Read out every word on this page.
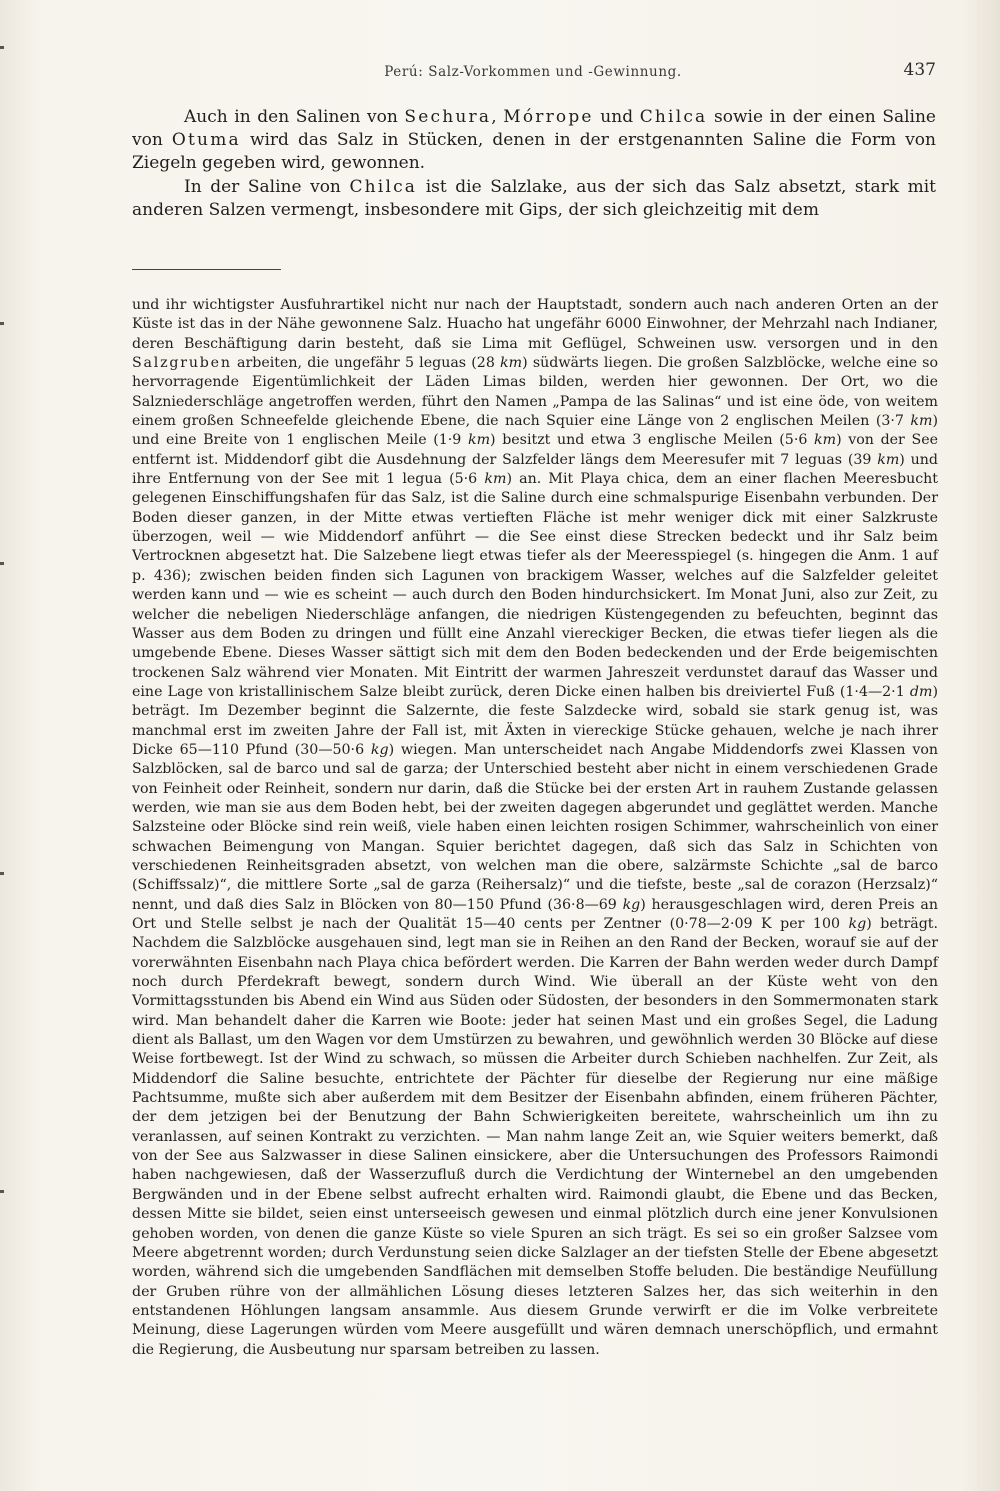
Perú: Salz-Vorkommen und -Gewinnung.	437

Auch in den Salinen von Sechura, Mórrope und Chilca sowie in der einen Saline von Otuma wird das Salz in Stücken, denen in der erstgenannten Saline die Form von Ziegeln gegeben wird, gewonnen.

In der Saline von Chilca ist die Salzlake, aus der sich das Salz absetzt, stark mit anderen Salzen vermengt, insbesondere mit Gips, der sich gleichzeitig mit dem

und ihr wichtigster Ausfuhrartikel nicht nur nach der Hauptstadt, sondern auch nach anderen Orten an der Küste ist das in der Nähe gewonnene Salz. Huacho hat ungefähr 6000 Einwohner, der Mehrzahl nach Indianer, deren Beschäftigung darin besteht, daß sie Lima mit Geflügel, Schweinen usw. versorgen und in den Salzgruben arbeiten, die ungefähr 5 leguas (28 km) südwärts liegen. Die großen Salzblöcke, welche eine so hervorragende Eigentümlichkeit der Läden Limas bilden, werden hier gewonnen. Der Ort, wo die Salzniederschläge angetroffen werden, führt den Namen „Pampa de las Salinas“ und ist eine öde, von weitem einem großen Schneefelde gleichende Ebene, die nach Squier eine Länge von 2 englischen Meilen (3·7 km) und eine Breite von 1 englischen Meile (1·9 km) besitzt und etwa 3 englische Meilen (5·6 km) von der See entfernt ist. Middendorf gibt die Ausdehnung der Salzfelder längs dem Meeresufer mit 7 leguas (39 km) und ihre Entfernung von der See mit 1 legua (5·6 km) an. Mit Playa chica, dem an einer flachen Meeresbucht gelegenen Einschiffungshafen für das Salz, ist die Saline durch eine schmalspurige Eisenbahn verbunden. Der Boden dieser ganzen, in der Mitte etwas vertieften Fläche ist mehr weniger dick mit einer Salzkruste überzogen, weil — wie Middendorf anführt — die See einst diese Strecken bedeckt und ihr Salz beim Vertrocknen abgesetzt hat. Die Salzebene liegt etwas tiefer als der Meeresspiegel (s. hingegen die Anm. 1 auf p. 436); zwischen beiden finden sich Lagunen von brackigem Wasser, welches auf die Salzfelder geleitet werden kann und — wie es scheint — auch durch den Boden hindurchsickert. Im Monat Juni, also zur Zeit, zu welcher die nebeligen Niederschläge anfangen, die niedrigen Küstengegenden zu befeuchten, beginnt das Wasser aus dem Boden zu dringen und füllt eine Anzahl viereckiger Becken, die etwas tiefer liegen als die umgebende Ebene. Dieses Wasser sättigt sich mit dem den Boden bedeckenden und der Erde beigemischten trockenen Salz während vier Monaten. Mit Eintritt der warmen Jahreszeit verdunstet darauf das Wasser und eine Lage von kristallinischem Salze bleibt zurück, deren Dicke einen halben bis dreiviertel Fuß (1·4—2·1 dm) beträgt. Im Dezember beginnt die Salzernte, die feste Salzdecke wird, sobald sie stark genug ist, was manchmal erst im zweiten Jahre der Fall ist, mit Äxten in viereckige Stücke gehauen, welche je nach ihrer Dicke 65—110 Pfund (30—50·6 kg) wiegen. Man unterscheidet nach Angabe Middendorfs zwei Klassen von Salzblöcken, sal de barco und sal de garza; der Unterschied besteht aber nicht in einem verschiedenen Grade von Feinheit oder Reinheit, sondern nur darin, daß die Stücke bei der ersten Art in rauhem Zustande gelassen werden, wie man sie aus dem Boden hebt, bei der zweiten dagegen abgerundet und geglättet werden. Manche Salzsteine oder Blöcke sind rein weiß, viele haben einen leichten rosigen Schimmer, wahrscheinlich von einer schwachen Beimengung von Mangan. Squier berichtet dagegen, daß sich das Salz in Schichten von verschiedenen Reinheitsgraden absetzt, von welchen man die obere, salzärmste Schichte „sal de barco (Schiffssalz)“, die mittlere Sorte „sal de garza (Reihersalz)“ und die tiefste, beste „sal de corazon (Herzsalz)“ nennt, und daß dies Salz in Blöcken von 80—150 Pfund (36·8—69 kg) herausgeschlagen wird, deren Preis an Ort und Stelle selbst je nach der Qualität 15—40 cents per Zentner (0·78—2·09 K per 100 kg) beträgt. Nachdem die Salzblöcke ausgehauen sind, legt man sie in Reihen an den Rand der Becken, worauf sie auf der vorerwähnten Eisenbahn nach Playa chica befördert werden. Die Karren der Bahn werden weder durch Dampf noch durch Pferdekraft bewegt, sondern durch Wind. Wie überall an der Küste weht von den Vormittagsstunden bis Abend ein Wind aus Süden oder Südosten, der besonders in den Sommermonaten stark wird. Man behandelt daher die Karren wie Boote: jeder hat seinen Mast und ein großes Segel, die Ladung dient als Ballast, um den Wagen vor dem Umstürzen zu bewahren, und gewöhnlich werden 30 Blöcke auf diese Weise fortbewegt. Ist der Wind zu schwach, so müssen die Arbeiter durch Schieben nachhelfen. Zur Zeit, als Middendorf die Saline besuchte, entrichtete der Pächter für dieselbe der Regierung nur eine mäßige Pachtsumme, mußte sich aber außerdem mit dem Besitzer der Eisenbahn abfinden, einem früheren Pächter, der dem jetzigen bei der Benutzung der Bahn Schwierigkeiten bereitete, wahrscheinlich um ihn zu veranlassen, auf seinen Kontrakt zu verzichten. — Man nahm lange Zeit an, wie Squier weiters bemerkt, daß von der See aus Salzwasser in diese Salinen einsickere, aber die Untersuchungen des Professors Raimondi haben nachgewiesen, daß der Wasserzufluß durch die Verdichtung der Winternebel an den umgebenden Bergwänden und in der Ebene selbst aufrecht erhalten wird. Raimondi glaubt, die Ebene und das Becken, dessen Mitte sie bildet, seien einst unterseeisch gewesen und einmal plötzlich durch eine jener Konvulsionen gehoben worden, von denen die ganze Küste so viele Spuren an sich trägt. Es sei so ein großer Salzsee vom Meere abgetrennt worden; durch Verdunstung seien dicke Salzlager an der tiefsten Stelle der Ebene abgesetzt worden, während sich die umgebenden Sandflächen mit demselben Stoffe beluden. Die beständige Neufüllung der Gruben rühre von der allmählichen Lösung dieses letzteren Salzes her, das sich weiterhin in den entstandenen Höhlungen langsam ansammle. Aus diesem Grunde verwirft er die im Volke verbreitete Meinung, diese Lagerungen würden vom Meere ausgefüllt und wären demnach unerschöpflich, und ermahnt die Regierung, die Ausbeutung nur sparsam betreiben zu lassen.
